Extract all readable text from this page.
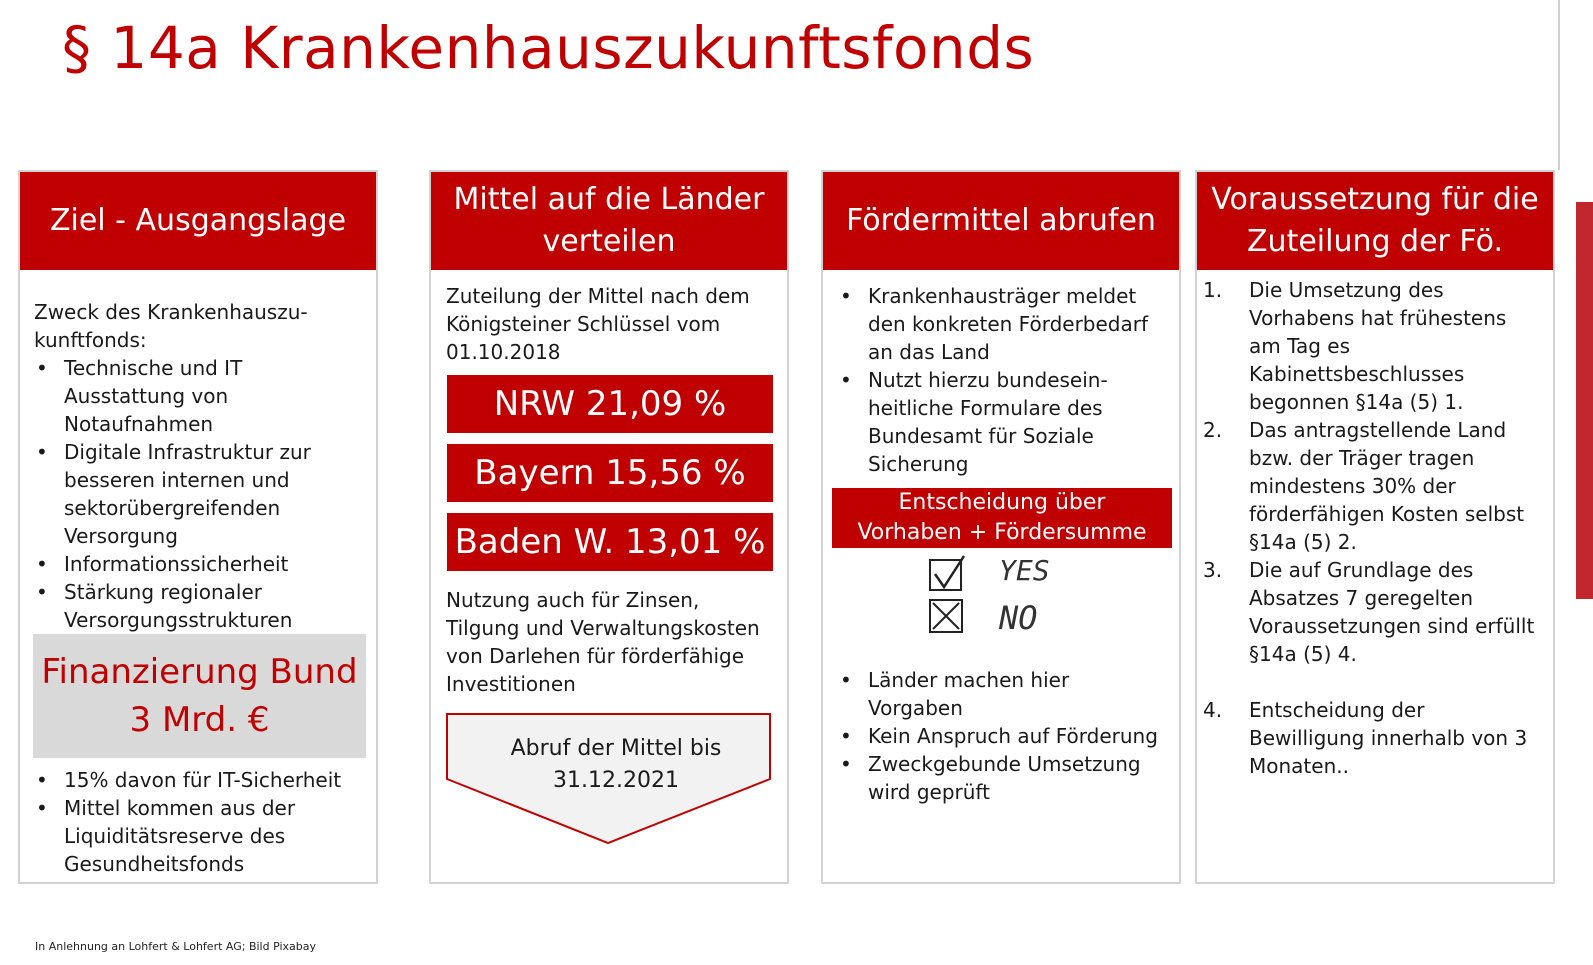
§ 14a Krankenhauszukunftsfonds
Ziel - Ausgangslage
Zweck des Krankenhauszu-
kunftfonds:
• Technische und IT Ausstattung von Notaufnahmen
• Digitale Infrastruktur zur besseren internen und sektorübergreifenden Versorgung
• Informationssicherheit
• Stärkung regionaler Versorgungsstrukturen
Finanzierung Bund
3 Mrd. €
• 15% davon für IT-Sicherheit
• Mittel kommen aus der Liquiditätsreserve des Gesundheitsfonds
Mittel auf die Länder verteilen
Zuteilung der Mittel nach dem Königsteiner Schlüssel vom 01.10.2018
NRW 21,09 %
Bayern 15,56 %
Baden W. 13,01 %
Nutzung auch für Zinsen, Tilgung und Verwaltungskosten von Darlehen für förderfähige Investitionen
Abruf der Mittel bis
31.12.2021
Fördermittel abrufen
• Krankenhausträger meldet den konkreten Förderbedarf an das Land
• Nutzt hierzu bundesein-heitliche Formulare des Bundesamt für Soziale Sicherung
Entscheidung über
Vorhaben + Fördersumme
YES
NO
• Länder machen hier Vorgaben
• Kein Anspruch auf Förderung
• Zweckgebunde Umsetzung wird geprüft
Voraussetzung für die Zuteilung der Fö.
1. Die Umsetzung des Vorhabens hat frühestens am Tag es Kabinettsbeschlusses begonnen §14a (5) 1.
2. Das antragstellende Land bzw. der Träger tragen mindestens 30% der förderfähigen Kosten selbst §14a (5) 2.
3. Die auf Grundlage des Absatzes 7 geregelten Voraussetzungen sind erfüllt §14a (5) 4.
4. Entscheidung der Bewilligung innerhalb von 3 Monaten..
In Anlehnung an Lohfert & Lohfert AG; Bild Pixabay
